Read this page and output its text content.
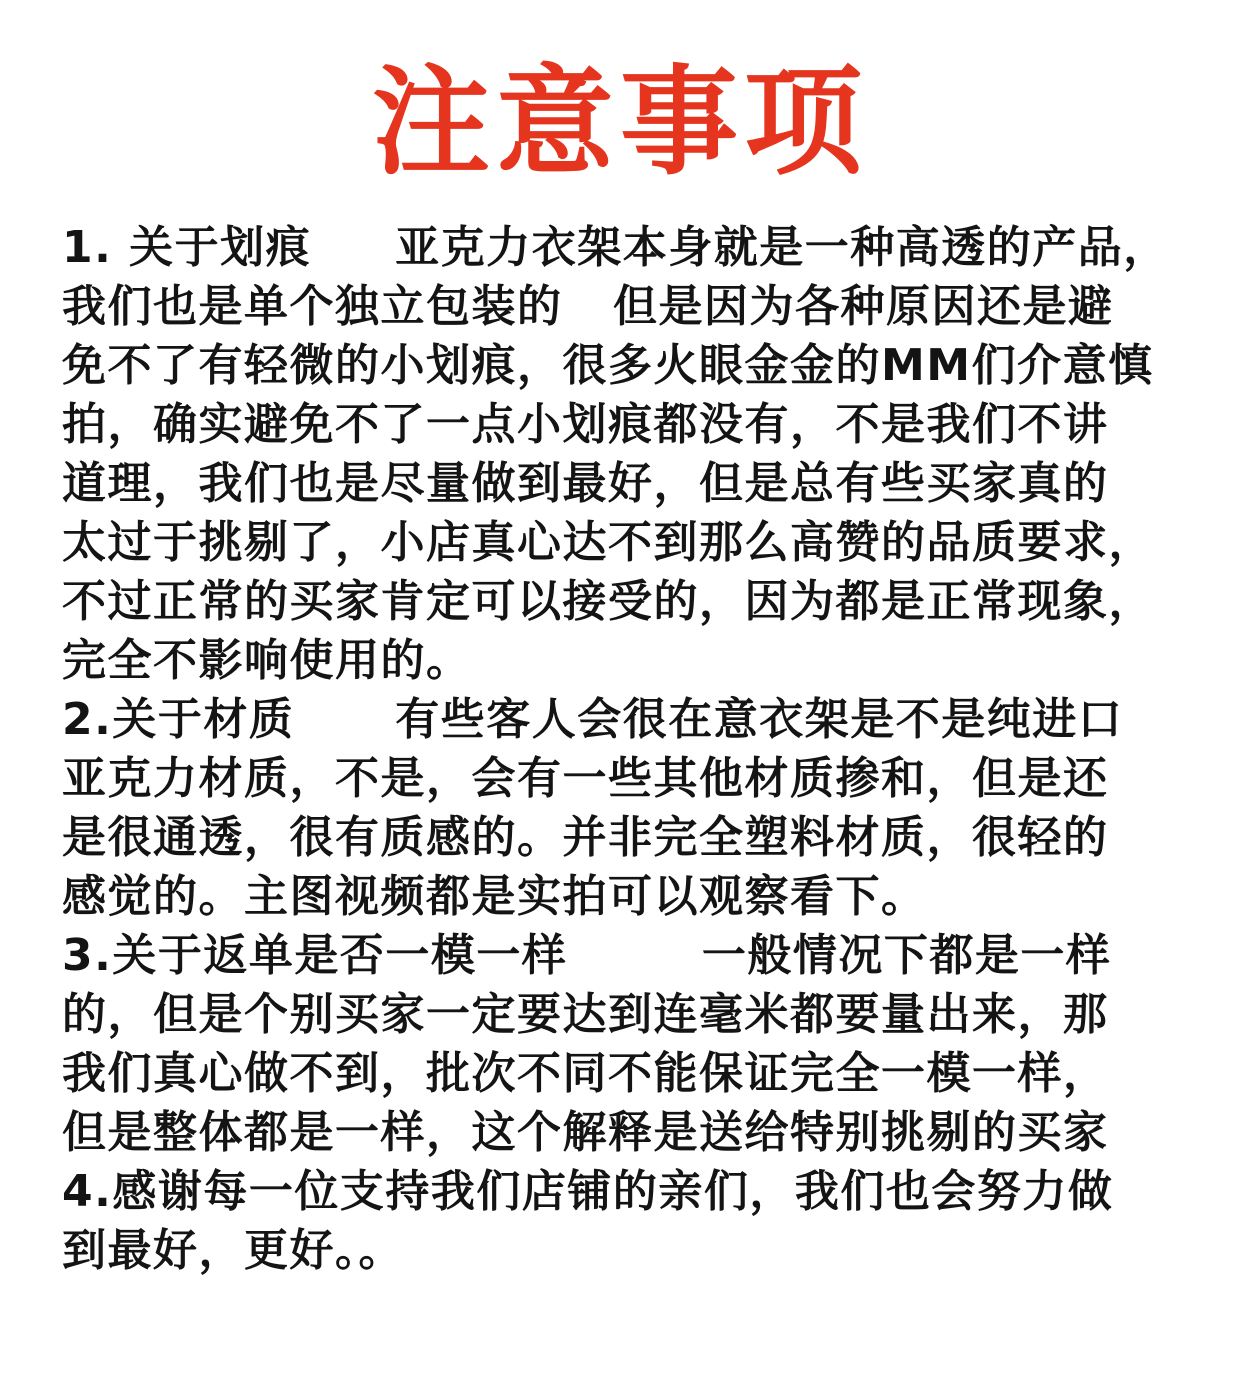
注意事项
1. 关于划痕     亚克力衣架本身就是一种高透的产品，
我们也是单个独立包装的   但是因为各种原因还是避
免不了有轻微的小划痕，很多火眼金金的MM们介意慎
拍，确实避免不了一点小划痕都没有，不是我们不讲
道理，我们也是尽量做到最好，但是总有些买家真的
太过于挑剔了，小店真心达不到那么高赞的品质要求，
不过正常的买家肯定可以接受的，因为都是正常现象，
完全不影响使用的。
2.关于材质      有些客人会很在意衣架是不是纯进口
亚克力材质，不是，会有一些其他材质掺和，但是还
是很通透，很有质感的。并非完全塑料材质，很轻的
感觉的。主图视频都是实拍可以观察看下。
3.关于返单是否一模一样        一般情况下都是一样
的，但是个别买家一定要达到连毫米都要量出来，那
我们真心做不到，批次不同不能保证完全一模一样，
但是整体都是一样，这个解释是送给特别挑剔的买家
4.感谢每一位支持我们店铺的亲们，我们也会努力做
到最好，更好。。
